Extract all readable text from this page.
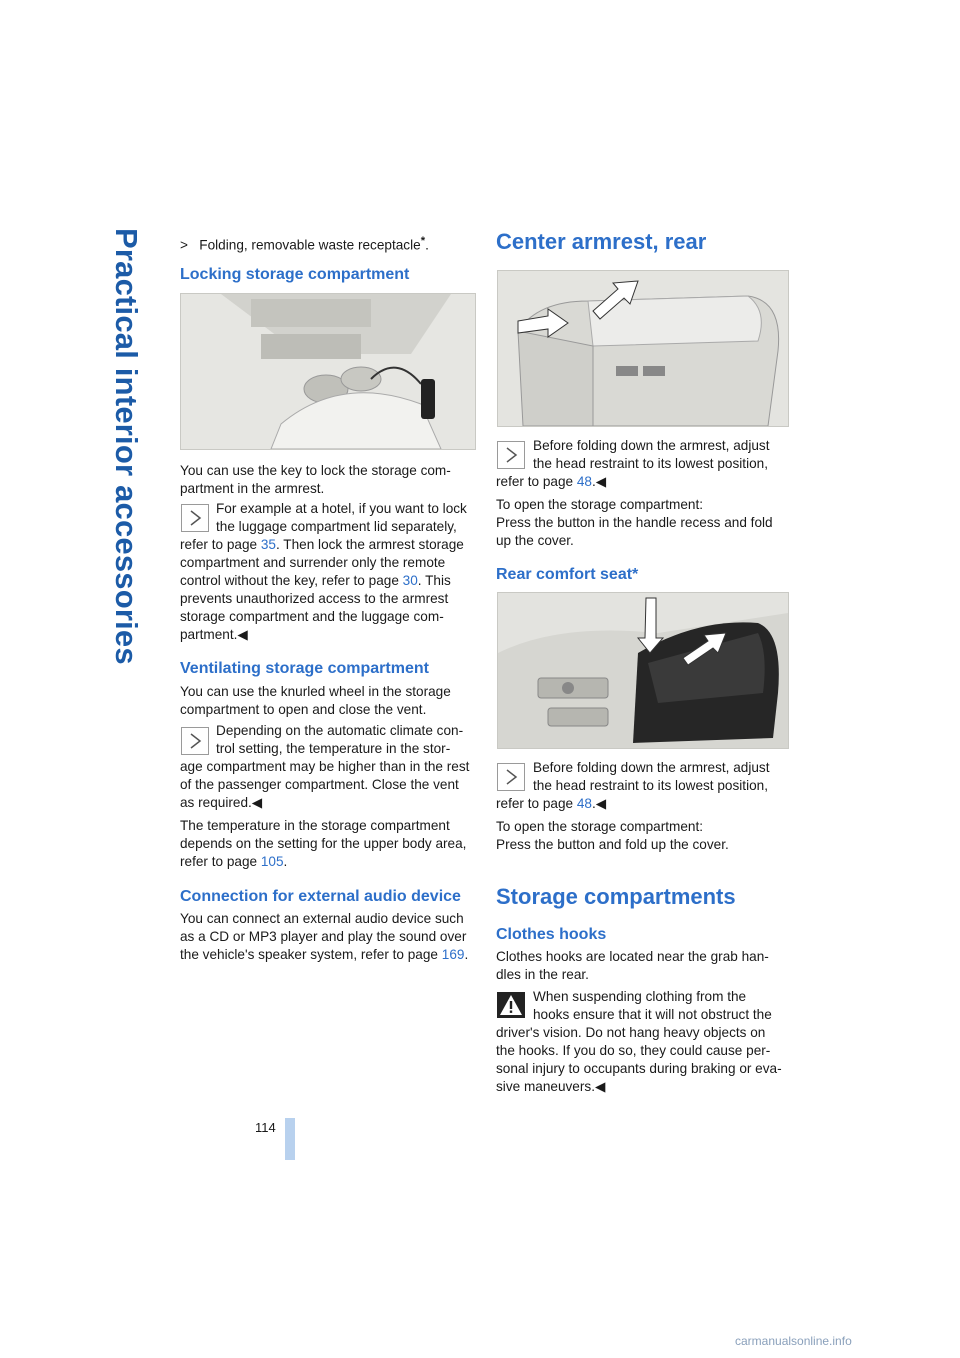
Practical interior accessories	> Folding, removable waste receptacle*.

Locking storage compartment

You can use the key to lock the storage com-partment in the armrest.

For example at a hotel, if you want to lock
the luggage compartment lid separately,
refer to page 35. Then lock the armrest storage
compartment and surrender only the remote
control without the key, refer to page 30. This
prevents unauthorized access to the armrest
storage compartment and the luggage com-
partment.◀
Ventilating storage compartment
You can use the knurled wheel in the storage
compartment to open and close the vent.
Depending on the automatic climate con-
trol setting, the temperature in the stor-
age compartment may be higher than in the rest
of the passenger compartment. Close the vent
as required.◀
The temperature in the storage compartment
depends on the setting for the upper body area,
refer to page 105.
Connection for external audio device
You can connect an external audio device such
as a CD or MP3 player and play the sound over
the vehicle's speaker system, refer to page 169.
Center armrest, rear
Before folding down the armrest, adjust
the head restraint to its lowest position,
refer to page 48.◀
To open the storage compartment:
Press the button in the handle recess and fold
up the cover.
Rear comfort seat*
Before folding down the armrest, adjust
the head restraint to its lowest position,
refer to page 48.◀
To open the storage compartment:
Press the button and fold up the cover.
Storage compartments
Clothes hooks
Clothes hooks are located near the grab han-
dles in the rear.
When suspending clothing from the
hooks ensure that it will not obstruct the
driver's vision. Do not hang heavy objects on
the hooks. If you do so, they could cause per-
sonal injury to occupants during braking or eva-
sive maneuvers.◀
114
carmanualsonline.info
